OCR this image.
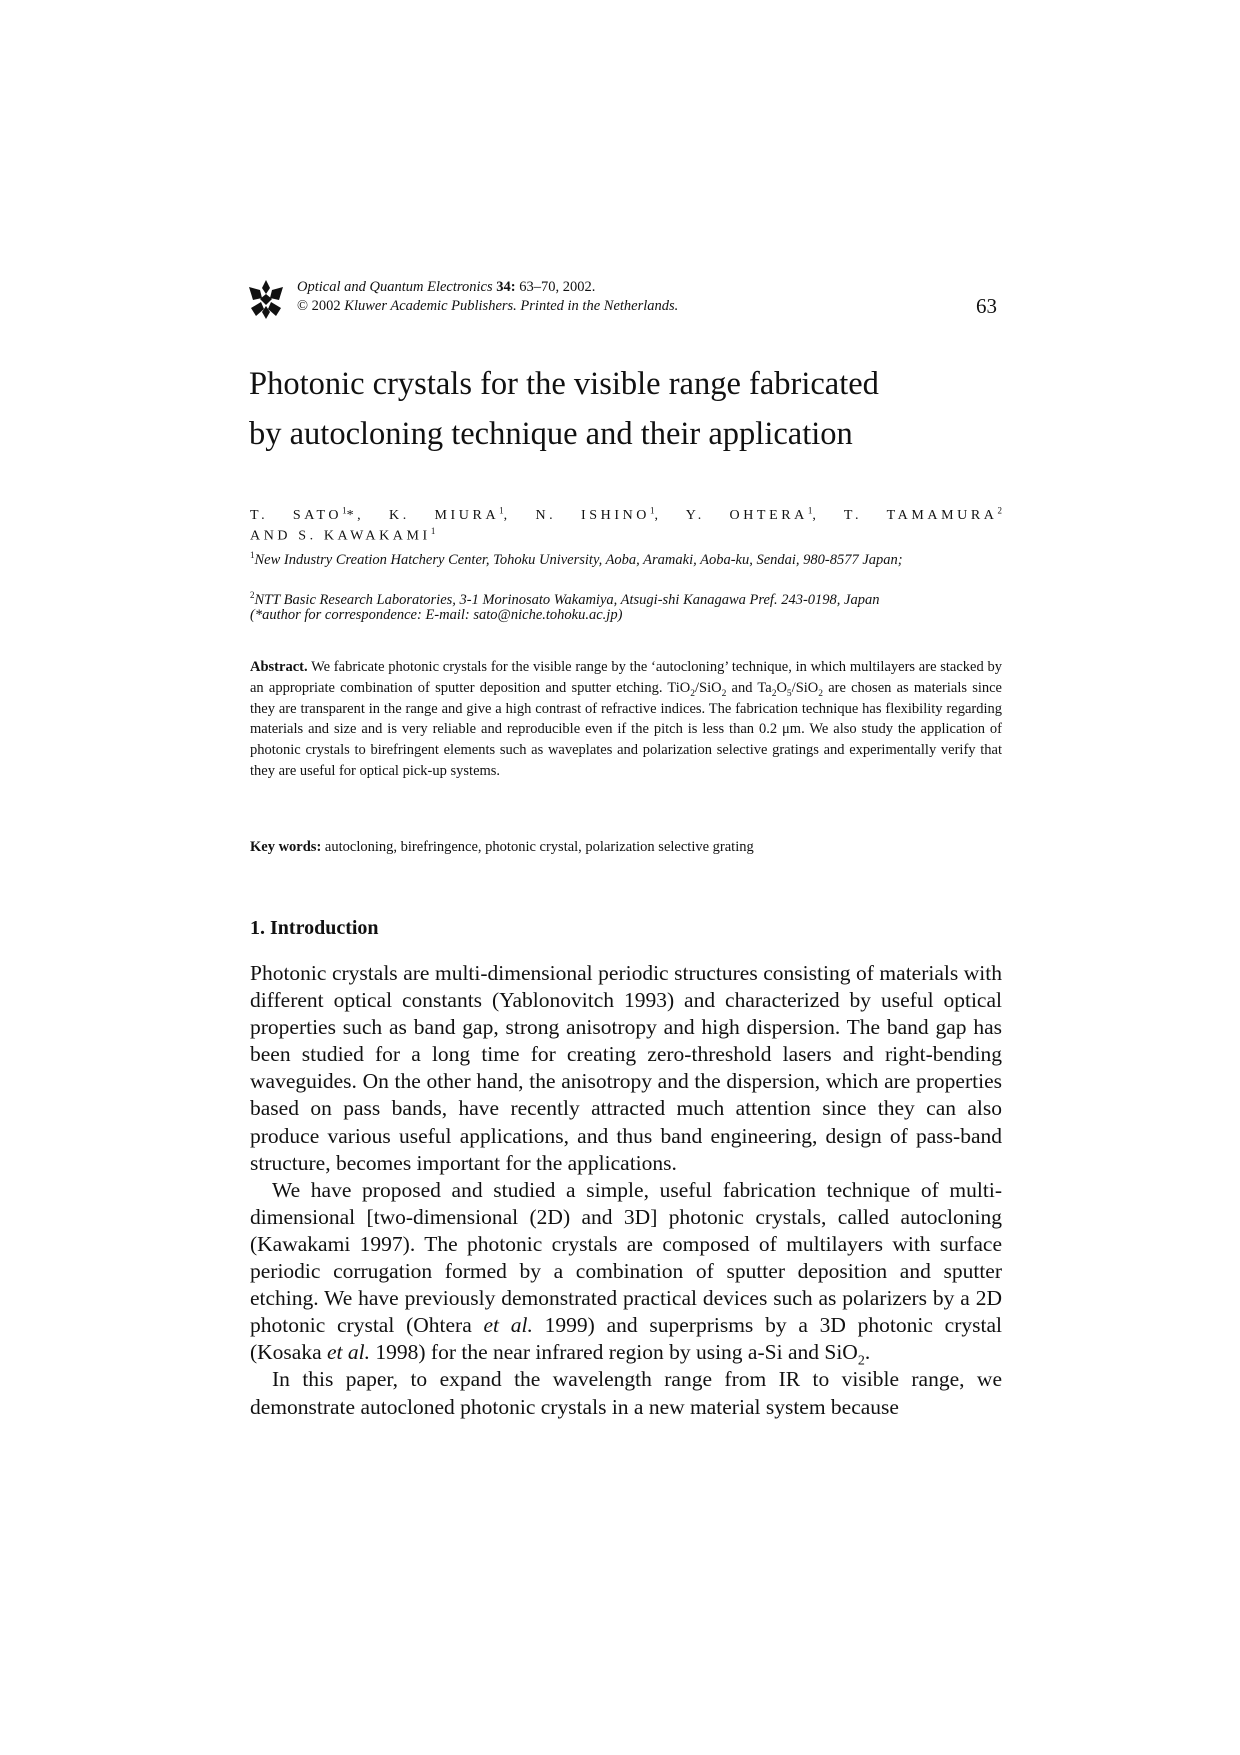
Optical and Quantum Electronics 34: 63–70, 2002.
© 2002 Kluwer Academic Publishers. Printed in the Netherlands.	63
Photonic crystals for the visible range fabricated
by autocloning technique and their application
T. SATO$^1$*, K. MIURA$^1$, N. ISHINO$^1$, Y. OHTERA$^1$, T. TAMAMURA$^2$
AND S. KAWAKAMI$^1$
$^1$New Industry Creation Hatchery Center, Tohoku University, Aoba, Aramaki, Aoba-ku, Sendai, 980-8577 Japan;
$^2$NTT Basic Research Laboratories, 3-1 Morinosato Wakamiya, Atsugi-shi Kanagawa Pref. 243-0198, Japan
(*author for correspondence: E-mail: sato@niche.tohoku.ac.jp)
Abstract. We fabricate photonic crystals for the visible range by the ‘autocloning’ technique, in which multilayers are stacked by an appropriate combination of sputter deposition and sputter etching. TiO$_2$/SiO$_2$ and $Ta_2O_5/SiO_2$ are chosen as materials since they are transparent in the range and give a high contrast of refractive indices. The fabrication technique has flexibility regarding materials and size and is very reliable and reproducible even if the pitch is less than 0.2 μm. We also study the application of photonic crystals to birefringent elements such as waveplates and polarization selective gratings and experimentally verify that they are useful for optical pick-up systems.
Key words: autocloning, birefringence, photonic crystal, polarization selective grating
1. Introduction

Photonic crystals are multi-dimensional periodic structures consisting of materials with different optical constants (Yablonovitch 1993) and characterized by useful optical properties such as band gap, strong anisotropy and high dispersion. The band gap has been studied for a long time for creating zero-threshold lasers and right-bending waveguides. On the other hand, the anisotropy and the dispersion, which are properties based on pass bands, have recently attracted much attention since they can also produce various useful applications, and thus band engineering, design of pass-band structure, becomes important for the applications.

We have proposed and studied a simple, useful fabrication technique of multi-dimensional [two-dimensional (2D) and 3D] photonic crystals, called autocloning (Kawakami 1997). The photonic crystals are composed of multilayers with surface periodic corrugation formed by a combination of sputter deposition and sputter etching. We have previously demonstrated practical devices such as polarizers by a 2D photonic crystal (Ohtera et al. 1999) and superprisms by a 3D photonic crystal (Kosaka et al. 1998) for the near infrared region by using a-Si and SiO$_2$.

In this paper, to expand the wavelength range from IR to visible range, we demonstrate autocloned photonic crystals in a new material system because
